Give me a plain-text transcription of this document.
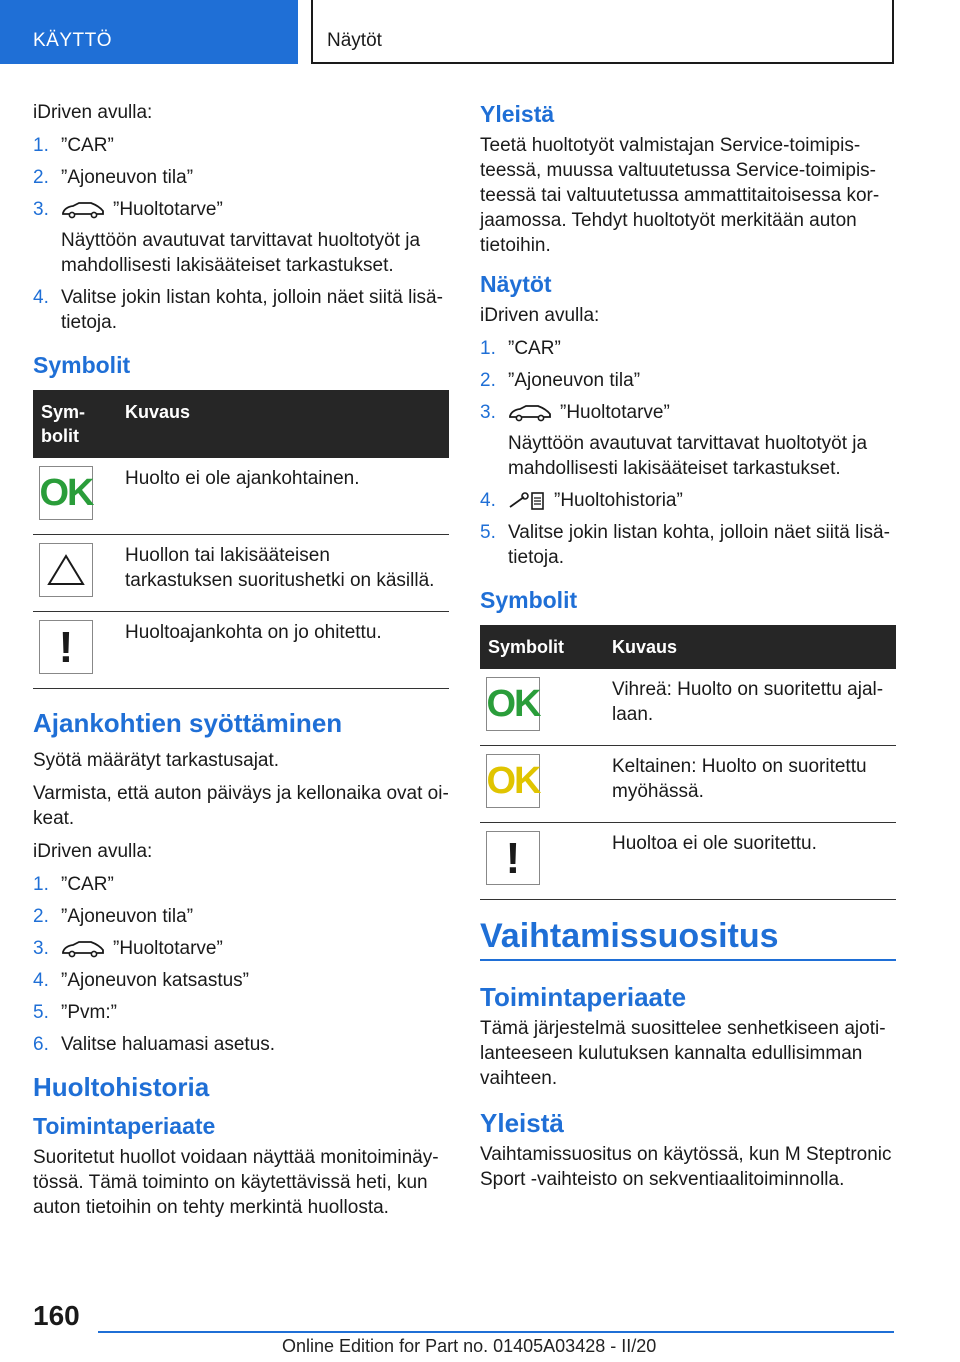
KÄYTTÖ	Näytöt

iDriven avulla:

1. ”CAR”
2. ”Ajoneuvon tila”
3.	”Huoltotarve”
Näyttöön avautuvat tarvittavat huoltotyöt ja mahdollisesti lakisääteiset tarkastukset.
4. Valitse jokin listan kohta, jolloin näet siitä lisätietoja.
Symbolit
Symbolit	Kuvaus

OK	Huolto ei ole ajankohtainen.

	Huollon tai lakisääteisen tarkastuksen suoritushetki on käsillä.

!	Huoltoajankohta on jo ohitettu.
Ajankohtien syöttäminen

Syötä määrätyt tarkastusajat.

Varmista, että auton päiväys ja kellonaika ovat oikeat.

iDriven avulla:

1. ”CAR”
2. ”Ajoneuvon tila”
3.	”Huoltotarve”
4. ”Ajoneuvon katsastus”
5. ”Pvm:”
6. Valitse haluamasi asetus.
Huoltohistoria
Toimintaperiaate

Suoritetut huollot voidaan näyttää monitoiminäytössä. Tämä toiminto on käytettävissä heti, kun auton tietoihin on tehty merkintä huollosta.

Yleistä

Teetä huoltotyöt valmistajan Service-toimipisteessä, muussa valtuutetussa Service-toimipisteessä tai valtuutetussa ammattitaitoisessa korjaamossa. Tehdyt huoltotyöt merkitään auton tietoihin.

Näytöt

iDriven avulla:

1. ”CAR”
2. ”Ajoneuvon tila”
3.	”Huoltotarve”
Näyttöön avautuvat tarvittavat huoltotyöt ja mahdollisesti lakisääteiset tarkastukset.
4.	”Huoltohistoria”
5. Valitse jokin listan kohta, jolloin näet siitä lisätietoja.
Symbolit
Symbolit	Kuvaus

OK	Vihreä: Huolto on suoritettu ajallaan.

OK	Keltainen: Huolto on suoritettu myöhässä.

!	Huoltoa ei ole suoritettu.
Vaihtamissuositus
Toimintaperiaate

Tämä järjestelmä suosittelee senhetkiseen ajotilanteeseen kulutuksen kannalta edullisimman vaihteen.

Yleistä

Vaihtamissuositus on käytössä, kun M Steptronic Sport -vaihteisto on sekventiaalitoiminnolla.

160
Online Edition for Part no. 01405A03428 - II/20
